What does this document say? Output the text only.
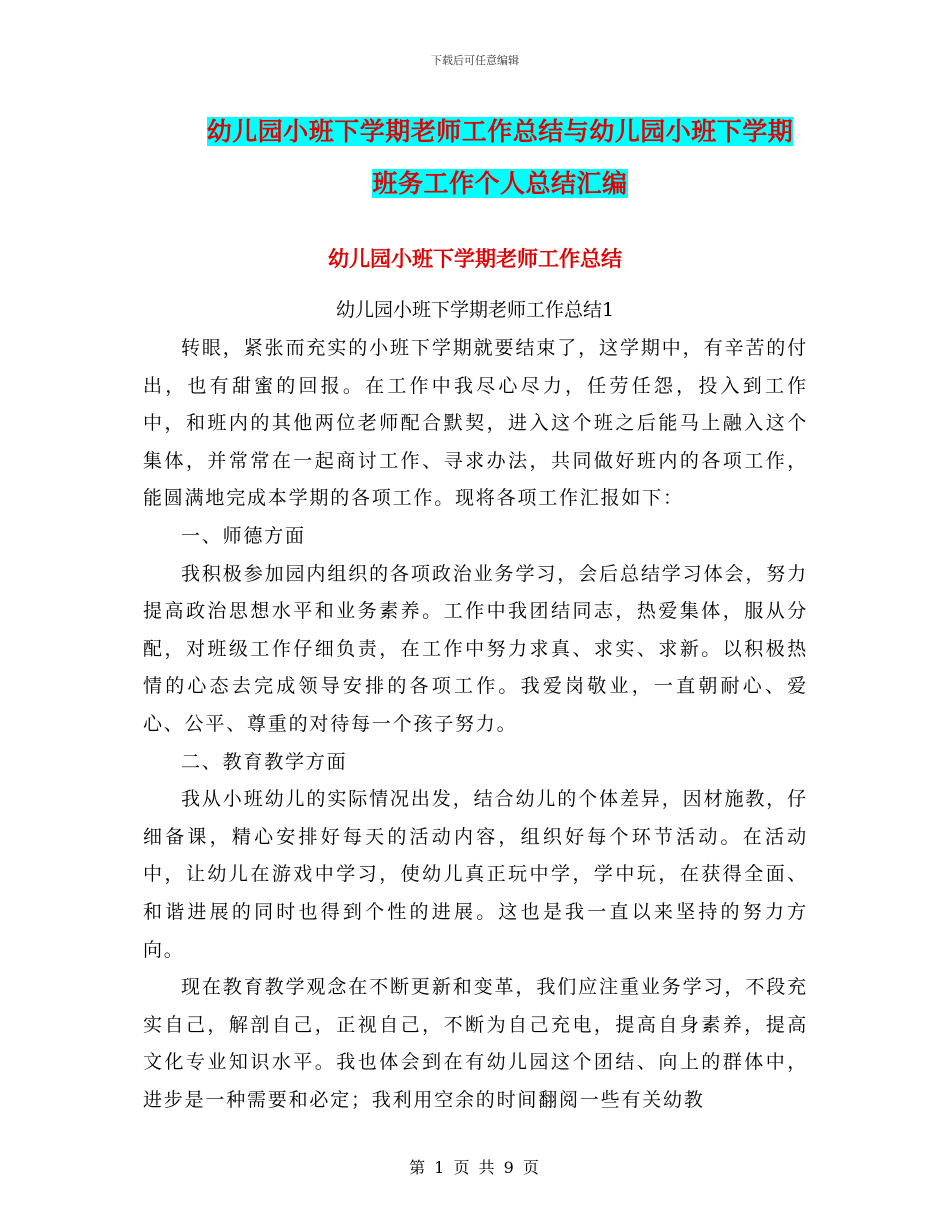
下载后可任意编辑
幼儿园小班下学期老师工作总结与幼儿园小班下学期
班务工作个人总结汇编
幼儿园小班下学期老师工作总结
幼儿园小班下学期老师工作总结1

转眼，紧张而充实的小班下学期就要结束了，这学期中，有辛苦的付出，也有甜蜜的回报。在工作中我尽心尽力，任劳任怨，投入到工作中，和班内的其他两位老师配合默契，进入这个班之后能马上融入这个集体，并常常在一起商讨工作、寻求办法，共同做好班内的各项工作，能圆满地完成本学期的各项工作。现将各项工作汇报如下：

一、师德方面

我积极参加园内组织的各项政治业务学习，会后总结学习体会，努力提高政治思想水平和业务素养。工作中我团结同志，热爱集体，服从分配，对班级工作仔细负责，在工作中努力求真、求实、求新。以积极热情的心态去完成领导安排的各项工作。我爱岗敬业，一直朝耐心、爱心、公平、尊重的对待每一个孩子努力。

二、教育教学方面

我从小班幼儿的实际情况出发，结合幼儿的个体差异，因材施教，仔细备课，精心安排好每天的活动内容，组织好每个环节活动。在活动中，让幼儿在游戏中学习，使幼儿真正玩中学，学中玩，在获得全面、和谐进展的同时也得到个性的进展。这也是我一直以来坚持的努力方向。

现在教育教学观念在不断更新和变革，我们应注重业务学习，不段充实自己，解剖自己，正视自己，不断为自己充电，提高自身素养，提高文化专业知识水平。我也体会到在有幼儿园这个团结、向上的群体中，进步是一种需要和必定；我利用空余的时间翻阅一些有关幼教

第 1 页 共 9 页
